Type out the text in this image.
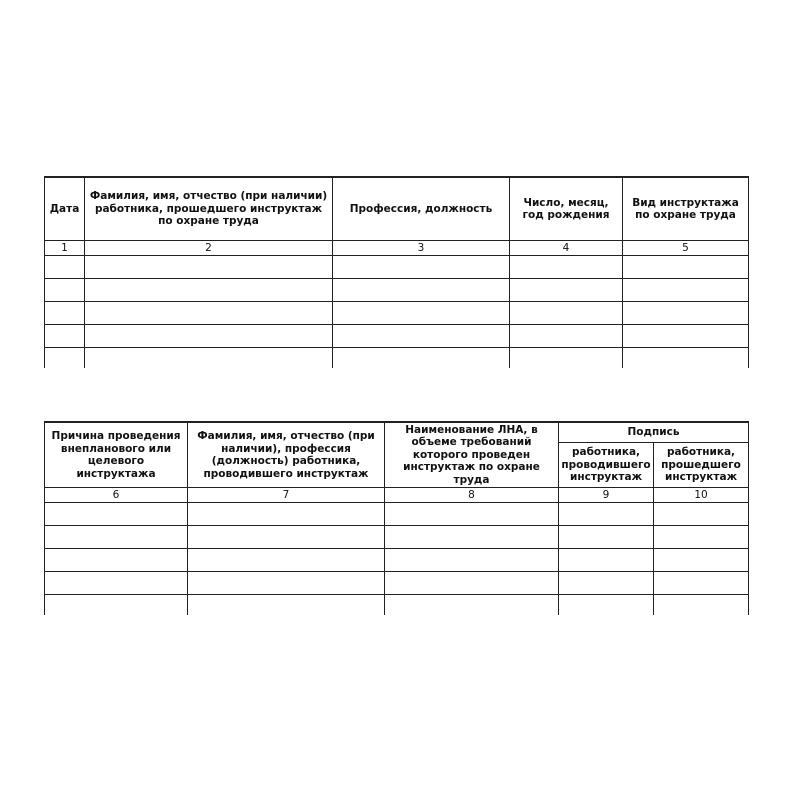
Дата	Фамилия, имя, отчество (при наличии) работника, прошедшего инструктаж по охране труда	Профессия, должность	Число, месяц, год рождения	Вид инструктажа по охране труда
1	2	3	4	5

Причина проведения внепланового или целевого инструктажа	Фамилия, имя, отчество (при наличии), профессия (должность) работника, проводившего инструктаж	Наименование ЛНА, в объеме требований которого проведен инструктаж по охране труда	Подпись	
			работника, проводившего инструктаж	работника, прошедшего инструктаж
6	7	8	9	10
